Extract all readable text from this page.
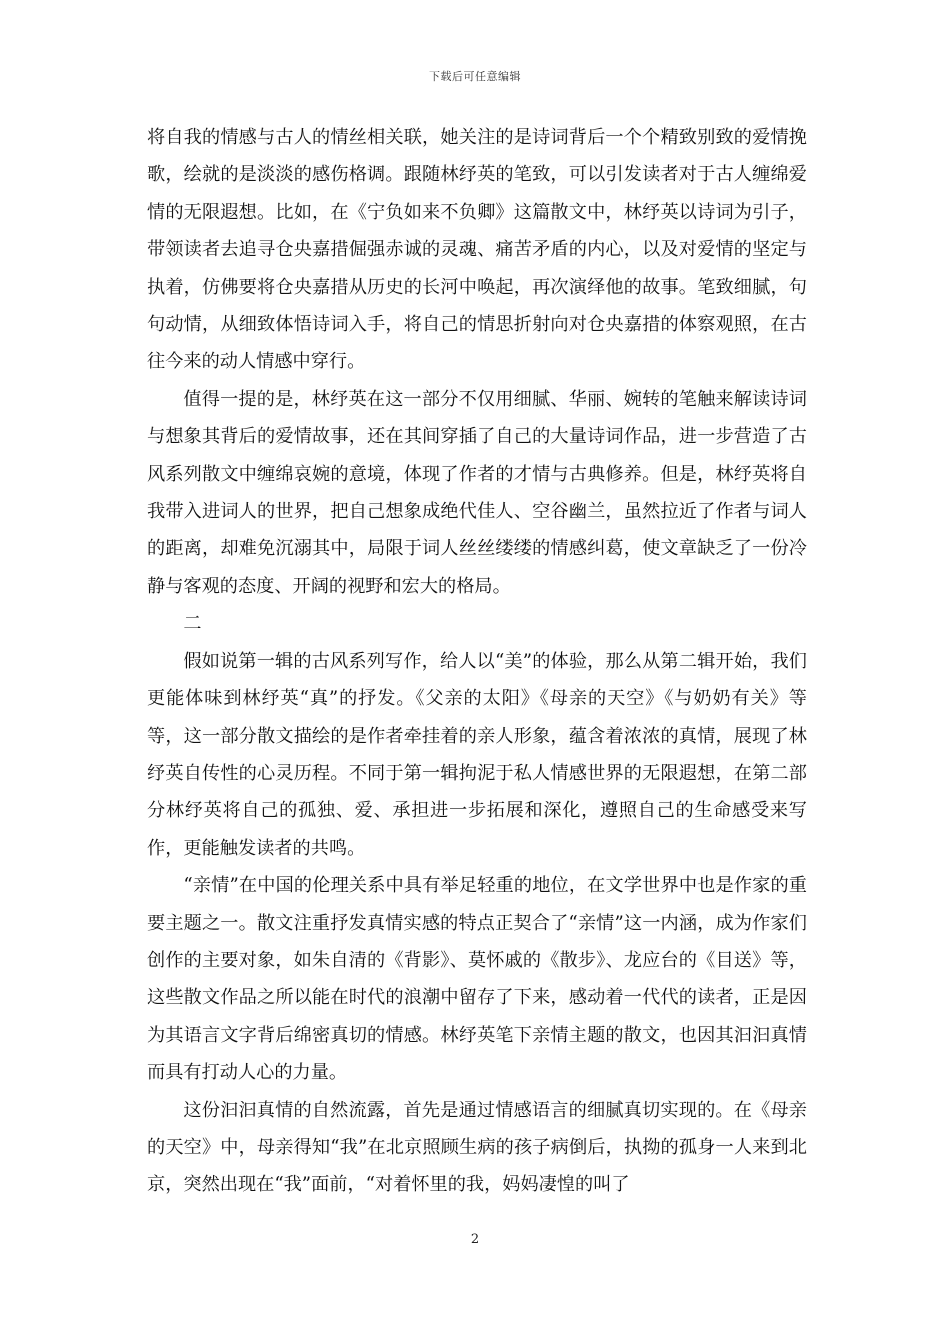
下载后可任意编辑

将自我的情感与古人的情丝相关联，她关注的是诗词背后一个个精致别致的爱情挽歌，绘就的是淡淡的感伤格调。跟随林纾英的笔致，可以引发读者对于古人缠绵爱情的无限遐想。比如，在《宁负如来不负卿》这篇散文中，林纾英以诗词为引子，带领读者去追寻仓央嘉措倔强赤诚的灵魂、痛苦矛盾的内心，以及对爱情的坚定与执着，仿佛要将仓央嘉措从历史的长河中唤起，再次演绎他的故事。笔致细腻，句句动情，从细致体悟诗词入手，将自己的情思折射向对仓央嘉措的体察观照，在古往今来的动人情感中穿行。

值得一提的是，林纾英在这一部分不仅用细腻、华丽、婉转的笔触来解读诗词与想象其背后的爱情故事，还在其间穿插了自己的大量诗词作品，进一步营造了古风系列散文中缠绵哀婉的意境，体现了作者的才情与古典修养。但是，林纾英将自我带入进词人的世界，把自己想象成绝代佳人、空谷幽兰，虽然拉近了作者与词人的距离，却难免沉溺其中，局限于词人丝丝缕缕的情感纠葛，使文章缺乏了一份冷静与客观的态度、开阔的视野和宏大的格局。

二

假如说第一辑的古风系列写作，给人以“美”的体验，那么从第二辑开始，我们更能体味到林纾英“真”的抒发。《父亲的太阳》《母亲的天空》《与奶奶有关》等等，这一部分散文描绘的是作者牵挂着的亲人形象，蕴含着浓浓的真情，展现了林纾英自传性的心灵历程。不同于第一辑拘泥于私人情感世界的无限遐想，在第二部分林纾英将自己的孤独、爱、承担进一步拓展和深化，遵照自己的生命感受来写作，更能触发读者的共鸣。

“亲情”在中国的伦理关系中具有举足轻重的地位，在文学世界中也是作家的重要主题之一。散文注重抒发真情实感的特点正契合了“亲情”这一内涵，成为作家们创作的主要对象，如朱自清的《背影》、莫怀戚的《散步》、龙应台的《目送》等，这些散文作品之所以能在时代的浪潮中留存了下来，感动着一代代的读者，正是因为其语言文字背后绵密真切的情感。林纾英笔下亲情主题的散文，也因其汩汩真情而具有打动人心的力量。

这份汩汩真情的自然流露，首先是通过情感语言的细腻真切实现的。在《母亲的天空》中，母亲得知“我”在北京照顾生病的孩子病倒后，执拗的孤身一人来到北京，突然出现在“我”面前，“对着怀里的我，妈妈凄惶的叫了

2
